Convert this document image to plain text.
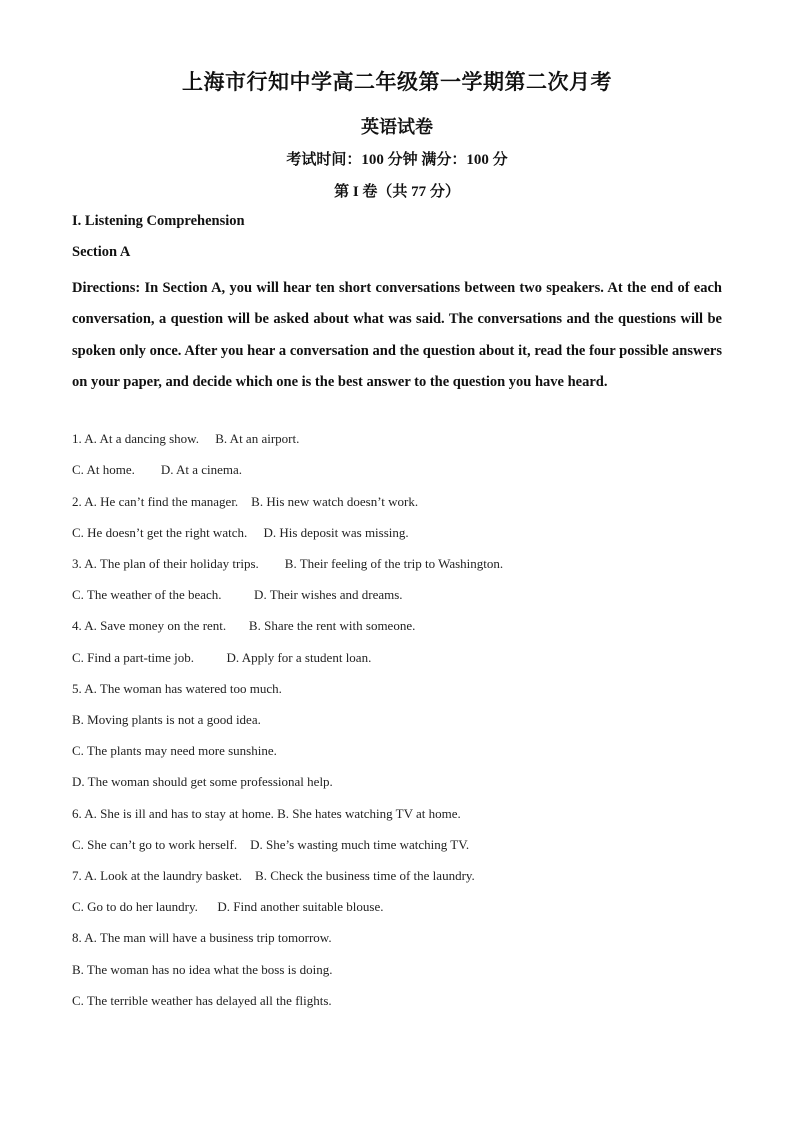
上海市行知中学高二年级第一学期第二次月考
英语试卷
考试时间：100 分钟 满分：100 分
第 I 卷（共 77 分）
I. Listening Comprehension
Section A
Directions: In Section A, you will hear ten short conversations between two speakers. At the end of each conversation, a question will be asked about what was said. The conversations and the questions will be spoken only once. After you hear a conversation and the question about it, read the four possible answers on your paper, and decide which one is the best answer to the question you have heard.
1. A. At a dancing show.     B. At an airport.
C. At home.        D. At a cinema.
2. A. He can’t find the manager.    B. His new watch doesn’t work.
C. He doesn’t get the right watch.     D. His deposit was missing.
3. A. The plan of their holiday trips.        B. Their feeling of the trip to Washington.
C. The weather of the beach.          D. Their wishes and dreams.
4. A. Save money on the rent.       B. Share the rent with someone.
C. Find a part-time job.          D. Apply for a student loan.
5. A. The woman has watered too much.
B. Moving plants is not a good idea.
C. The plants may need more sunshine.
D. The woman should get some professional help.
6. A. She is ill and has to stay at home. B. She hates watching TV at home.
C. She can’t go to work herself.    D. She’s wasting much time watching TV.
7. A. Look at the laundry basket.    B. Check the business time of the laundry.
C. Go to do her laundry.      D. Find another suitable blouse.
8. A. The man will have a business trip tomorrow.
B. The woman has no idea what the boss is doing.
C. The terrible weather has delayed all the flights.
